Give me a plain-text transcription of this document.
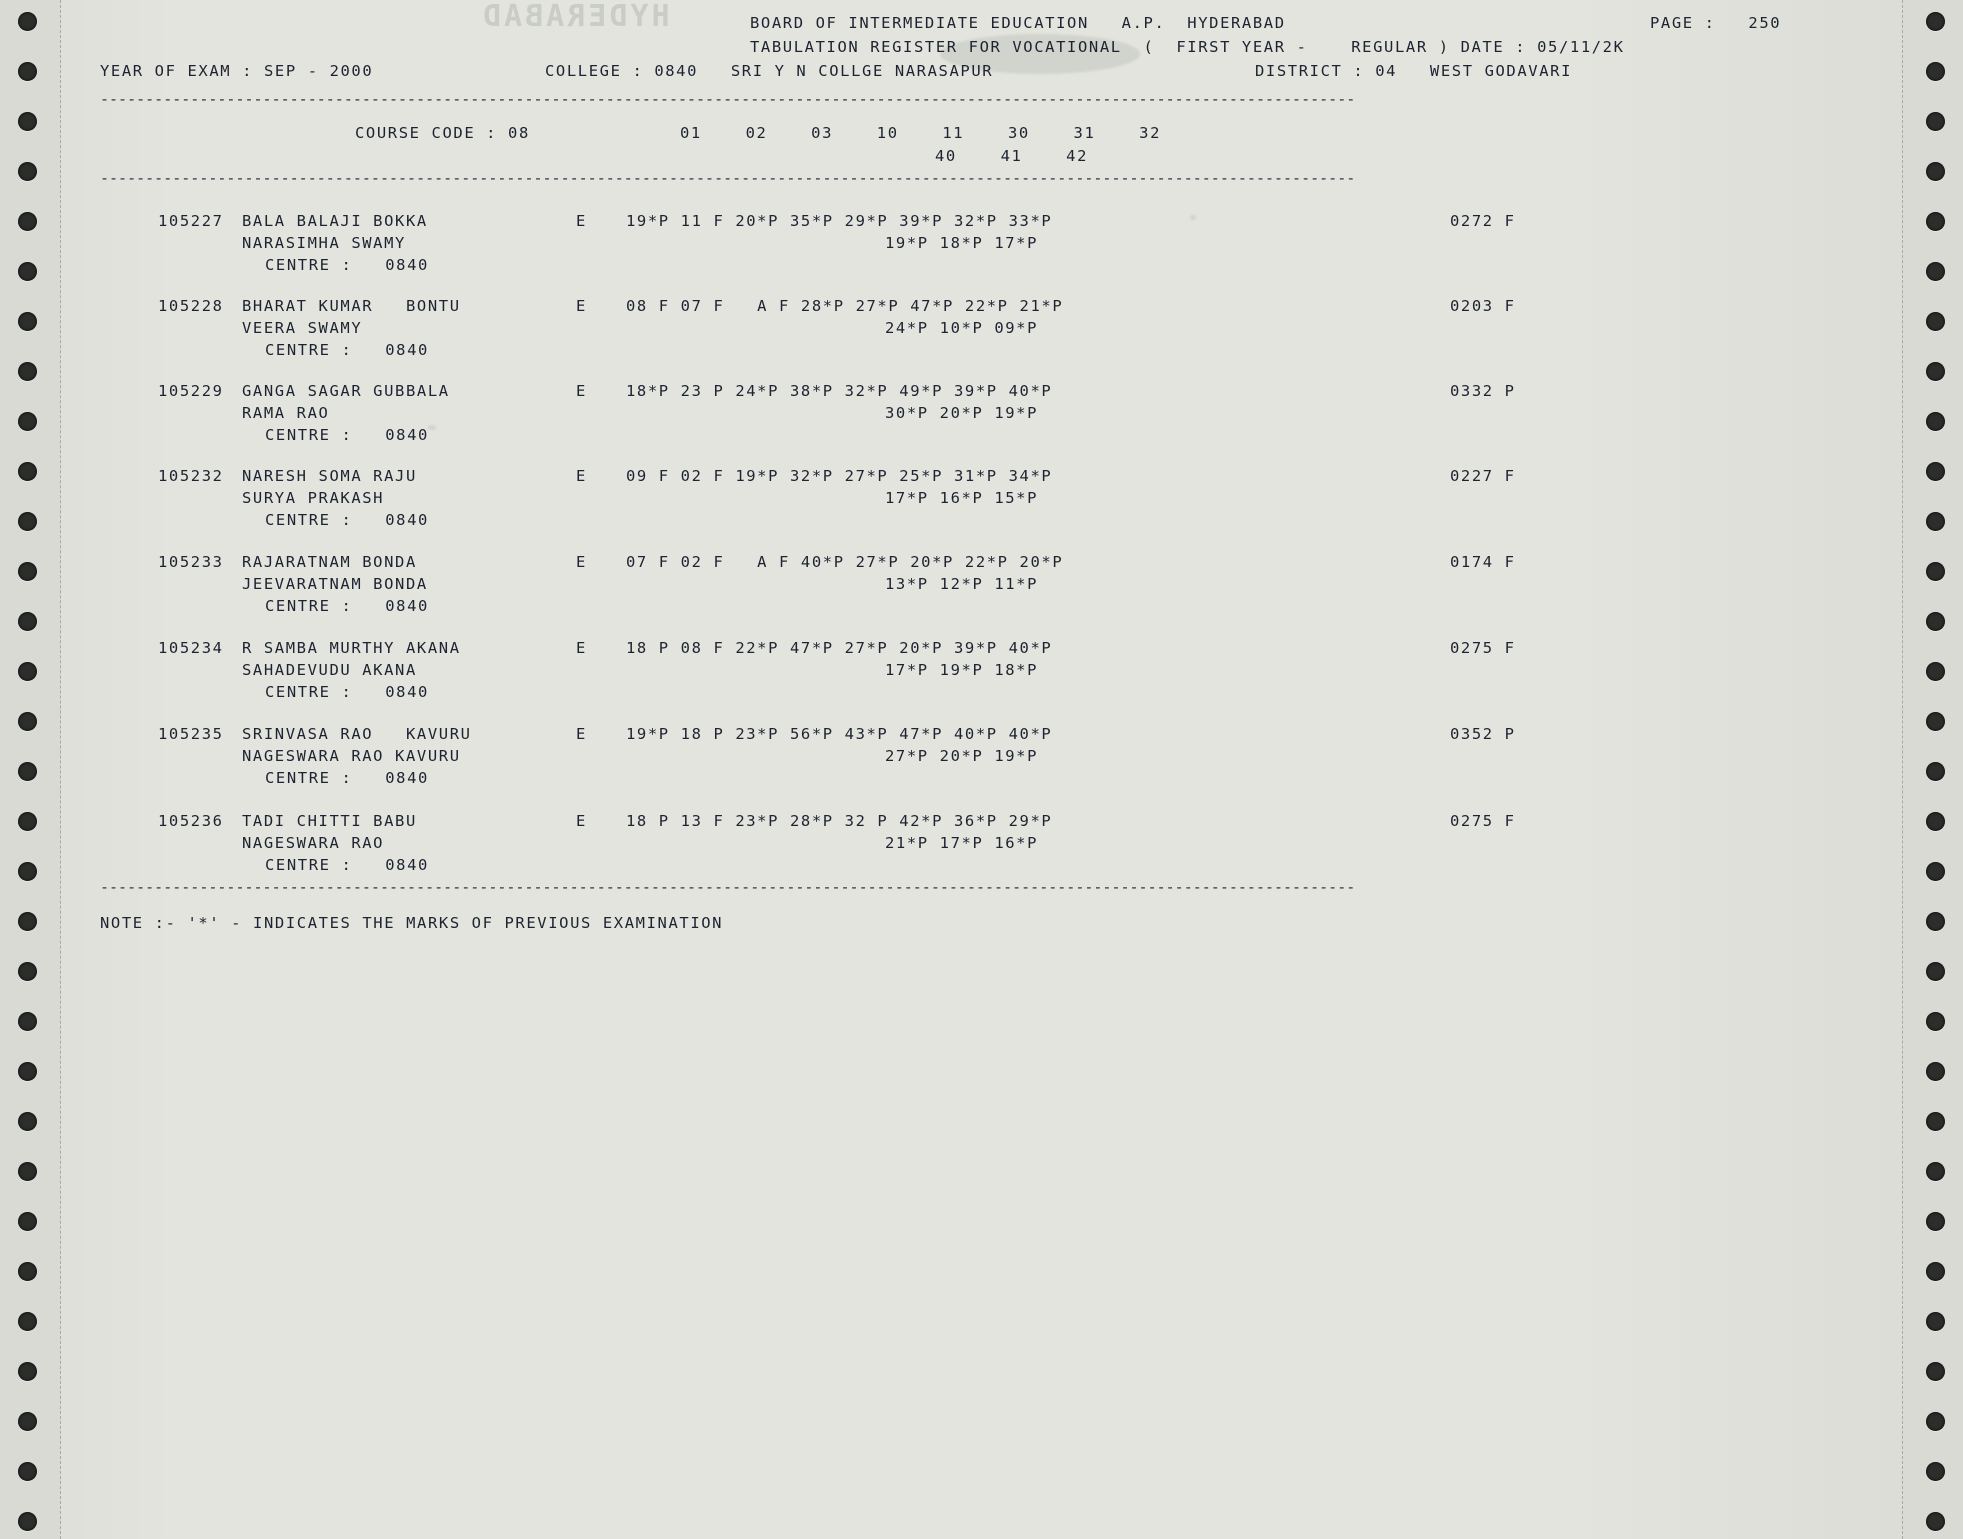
HYDERABAD	BOARD OF INTERMEDIATE EDUCATION   A.P.  HYDERABAD
TABULATION REGISTER FOR VOCATIONAL  (  FIRST YEAR -    REGULAR ) DATE : 05/11/2K
PAGE :   250
YEAR OF EXAM : SEP - 2000	COLLEGE : 0840   SRI Y N COLLGE NARASAPUR	DISTRICT : 04   WEST GODAVARI
-------------------------------------------------------------------------------------------------------------------------------------------
COURSE CODE : 08	01    02    03    10    11    30    31    32
40    41    42
-------------------------------------------------------------------------------------------------------------------------------------------
105227 BALA BALAJI BOKKA	E	19*P 11 F 20*P 35*P 29*P 39*P 32*P 33*P	0272 F
NARASIMHA SWAMY	19*P 18*P 17*P
CENTRE :   0840
105228 BHARAT KUMAR   BONTU	E	08 F 07 F   A F 28*P 27*P 47*P 22*P 21*P	0203 F
VEERA SWAMY	24*P 10*P 09*P
CENTRE :   0840
105229 GANGA SAGAR GUBBALA	E	18*P 23 P 24*P 38*P 32*P 49*P 39*P 40*P	0332 P
RAMA RAO	30*P 20*P 19*P
CENTRE :   0840
105232 NARESH SOMA RAJU	E	09 F 02 F 19*P 32*P 27*P 25*P 31*P 34*P	0227 F
SURYA PRAKASH	17*P 16*P 15*P
CENTRE :   0840
105233 RAJARATNAM BONDA	E	07 F 02 F   A F 40*P 27*P 20*P 22*P 20*P	0174 F
JEEVARATNAM BONDA	13*P 12*P 11*P
CENTRE :   0840
105234 R SAMBA MURTHY AKANA	E	18 P 08 F 22*P 47*P 27*P 20*P 39*P 40*P	0275 F
SAHADEVUDU AKANA	17*P 19*P 18*P
CENTRE :   0840
105235 SRINVASA RAO   KAVURU	E	19*P 18 P 23*P 56*P 43*P 47*P 40*P 40*P	0352 P
NAGESWARA RAO KAVURU	27*P 20*P 19*P
CENTRE :   0840
105236 TADI CHITTI BABU	E	18 P 13 F 23*P 28*P 32 P 42*P 36*P 29*P	0275 F
NAGESWARA RAO	21*P 17*P 16*P
CENTRE :   0840
-------------------------------------------------------------------------------------------------------------------------------------------
NOTE :- '*' - INDICATES THE MARKS OF PREVIOUS EXAMINATION
